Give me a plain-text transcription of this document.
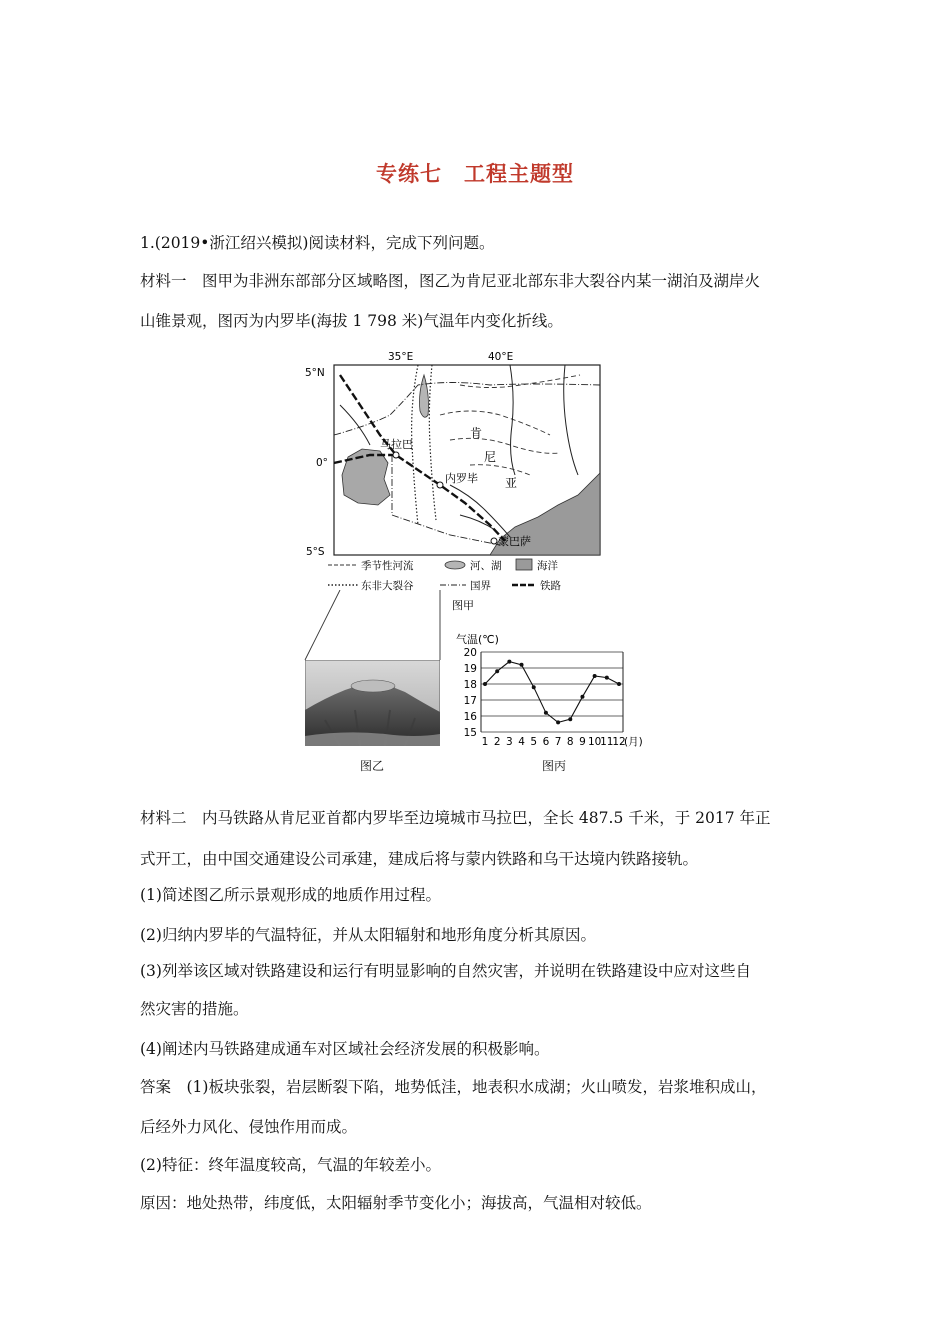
专练七　工程主题型
1.(2019•浙江绍兴模拟)阅读材料，完成下列问题。
材料一　图甲为非洲东部部分区域略图，图乙为肯尼亚北部东非大裂谷内某一湖泊及湖岸火
山锥景观，图丙为内罗毕(海拔 1 798 米)气温年内变化折线。
35°E	40°E
5°N
0°
5°S
马拉巴
内罗毕
蒙巴萨
肯
尼
亚
季节性河流	河、湖	海洋
东非大裂谷	国界	铁路
图甲
图乙
气温(℃)
15
16
17
18
19
20
1 2 3 4 5 6 7 8 9 10
11
12
(月)
图丙
材料二　内马铁路从肯尼亚首都内罗毕至边境城市马拉巴，全长 487.5 千米，于 2017 年正
式开工，由中国交通建设公司承建，建成后将与蒙内铁路和乌干达境内铁路接轨。
(1)简述图乙所示景观形成的地质作用过程。
(2)归纳内罗毕的气温特征，并从太阳辐射和地形角度分析其原因。
(3)列举该区域对铁路建设和运行有明显影响的自然灾害，并说明在铁路建设中应对这些自
然灾害的措施。
(4)阐述内马铁路建成通车对区域社会经济发展的积极影响。
答案　(1)板块张裂，岩层断裂下陷，地势低洼，地表积水成湖；火山喷发，岩浆堆积成山，
后经外力风化、侵蚀作用而成。
(2)特征：终年温度较高，气温的年较差小。
原因：地处热带，纬度低，太阳辐射季节变化小；海拔高，气温相对较低。
